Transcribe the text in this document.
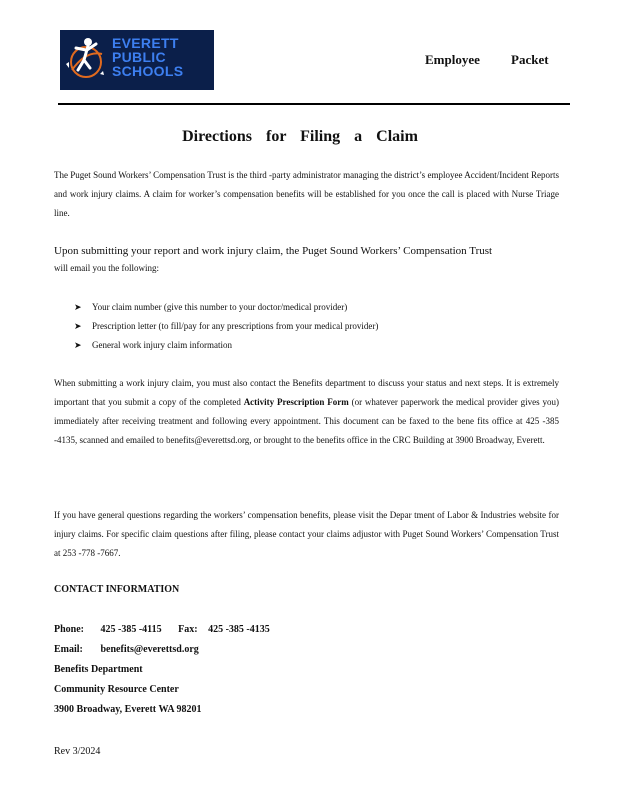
EVERETT
PUBLIC
SCHOOLS
Employee Packet
Directions for Filing a Claim
The Puget Sound Workers’ Compensation Trust is the third -party administrator managing the district’s employee Accident/Incident Reports and work injury claims. A claim for worker’s compensation benefits will be established for you once the call is placed with Nurse Triage line.
Upon submitting your report and work injury claim, the Puget Sound Workers’ Compensation Trust
will email you the following:
➤ Your claim number (give this number to your doctor/medical provider)
➤ Prescription letter (to fill/pay for any prescriptions from your medical provider)
➤ General work injury claim information
When submitting a work injury claim, you must also contact the Benefits department to discuss your status and next steps. It is extremely important that you submit a copy of the completed Activity Prescription Form (or whatever paperwork the medical provider gives you) immediately after receiving treatment and following every appointment. This document can be faxed to the bene fits office at 425 -385 -4135, scanned and emailed to benefits@everettsd.org, or brought to the benefits office in the CRC Building at 3900 Broadway, Everett.
If you have general questions regarding the workers’ compensation benefits, please visit the Depar tment of Labor & Industries website for injury claims. For specific claim questions after filing, please contact your claims adjustor with Puget Sound Workers’ Compensation Trust at 253 -778 -7667.
CONTACT INFORMATION
Phone: 425 -385 -4115 Fax: 425 -385 -4135
Email: benefits@everettsd.org
Benefits Department
Community Resource Center
3900 Broadway, Everett WA 98201
Rev 3/2024
